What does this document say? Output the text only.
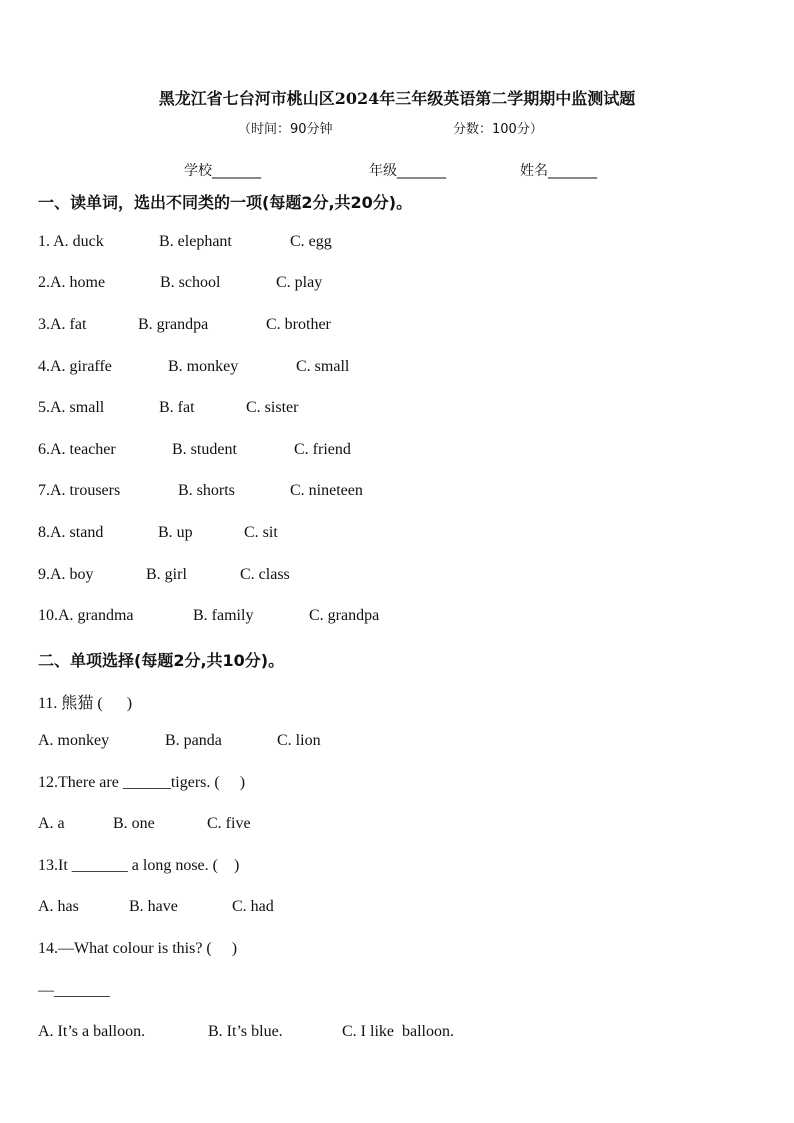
黑龙江省七台河市桃山区2024年三年级英语第二学期期中监测试题
（时间：90分钟	分数：100分）
学校_______	年级_______	姓名_______
一、读单词，选出不同类的一项(每题2分,共20分)。

1. A. duck

	B. elephant

	C. egg

2.A. home

	B. school

	C. play

3.A. fat

	B. grandpa

	C. brother

4.A. giraffe

	B. monkey

	C. small

5.A. small

	B. fat

	C. sister

6.A. teacher

	B. student

	C. friend

7.A. trousers

	B. shorts

	C. nineteen

8.A. stand

	B. up

	C. sit

9.A. boy

	B. girl

	C. class

10.A. grandma

	B. family

	C. grandpa

二、单项选择(每题2分,共10分)。

11. 熊猫 (      )

A. monkey

	B. panda

	C. lion

12.There are ______tigers. (     )

A. a

	B. one

	C. five

13.It _______ a long nose. (    )

A. has

	B. have

	C. had

14.—What colour is this? (     )

—_______

A. It’s a balloon.

	B. It’s blue.

	C. I like  balloon.
